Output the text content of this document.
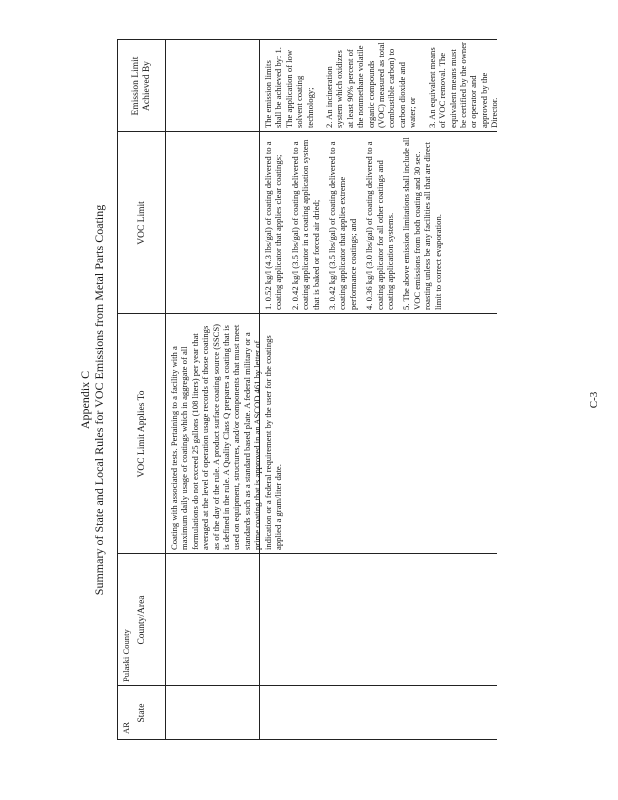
Appendix C Summary of State and Local Rules for VOC Emissions from Metal Parts Coating
State
County/Area
VOC Limit Applies To
VOC Limit
Emission Limit Achieved By
AR
Pulaski County
Coating with associated tests. Pertaining to a facility with a maximum daily usage of coatings which in aggregate of all formulations do not exceed 25 gallons (108 liters) per year that averaged at the level of operation usage records of those coatings as of the day of the rule. A product surface coating source (SSCS) is defined in the rule. A Quality Class Q prepares a coating that is used on equipment, structures, and/or components that must meet standards such as a standard based plate. A federal military or a prime coating that is approved in an ASCOD 461 by letter of indication or a federal requirement by the user for the coatings applied a gram/liter date.
1. 0.52 kg/l (4.3 lbs/gal) of coating delivered to a coating applicator that applies clear coatings; 2. 0.42 kg/l (3.5 lbs/gal) of coating delivered to a coating applicator in a coating application system that is baked or forced air dried; 3. 0.42 kg/l (3.5 lbs/gal) of coating delivered to a coating applicator that applies extreme performance coatings; and 4. 0.36 kg/l (3.0 lbs/gal) of coating delivered to a coating applicator for all other coatings and coating application systems. 5. The above emission limitations shall include all VOC emissions from both coating and 30 sec. roasting unless be any facilities all that are direct limit to correct evaporation.

The emission limits shall be achieved by: 1. The application of low solvent coating technology; 2. An incineration system which oxidizes at least 90% percent of the nonmethane volatile organic compounds (VOC) measured as total combustible carbon) to carbon dioxide and water; or 3. An equivalent means of VOC removal. The equivalent means must be certified by the owner or operator and approved by the Director.

C-3
